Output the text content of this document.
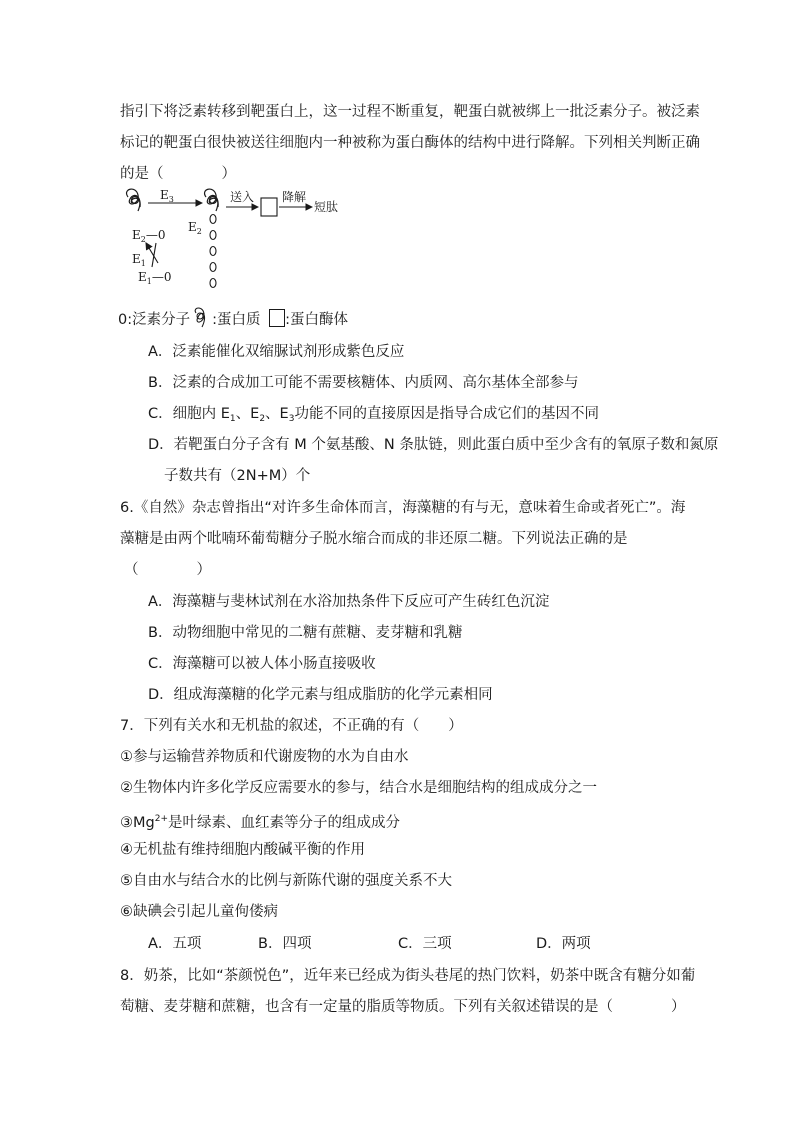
指引下将泛素转移到靶蛋白上，这一过程不断重复，靶蛋白就被绑上一批泛素分子。被泛素
标记的靶蛋白很快被送往细胞内一种被称为蛋白酶体的结构中进行降解。下列相关判断正确
的是（　　　　）
$E_3$
$E_2$
送入 降解
短肽
$E_2—0$
$E_1$
$E_1—0$
0:泛素分子 :蛋白质 :蛋白酶体
A．泛素能催化双缩脲试剂形成紫色反应
B．泛素的合成加工可能不需要核糖体、内质网、高尔基体全部参与
C．细胞内 $E_1$、$E_2$、$E_3$功能不同的直接原因是指导合成它们的基因不同
D．若靶蛋白分子含有 M 个氨基酸、N 条肽链，则此蛋白质中至少含有的氧原子数和氮原
子数共有（2N+M）个
6.《自然》杂志曾指出“对许多生命体而言，海藻糖的有与无，意味着生命或者死亡”。海
藻糖是由两个吡喃环葡萄糖分子脱水缩合而成的非还原二糖。下列说法正确的是
（　　　　）
A．海藻糖与斐林试剂在水浴加热条件下反应可产生砖红色沉淀
B．动物细胞中常见的二糖有蔗糖、麦芽糖和乳糖
C．海藻糖可以被人体小肠直接吸收
D．组成海藻糖的化学元素与组成脂肪的化学元素相同
7．下列有关水和无机盐的叙述，不正确的有（　　）
①参与运输营养物质和代谢废物的水为自由水
②生物体内许多化学反应需要水的参与，结合水是细胞结构的组成成分之一
$③Mg^{2+}$是叶绿素、血红素等分子的组成成分
④无机盐有维持细胞内酸碱平衡的作用
⑤自由水与结合水的比例与新陈代谢的强度关系不大
⑥缺碘会引起儿童佝偻病
A．五项	B．四项	C．三项	D．两项
8．奶茶，比如“茶颜悦色”，近年来已经成为街头巷尾的热门饮料，奶茶中既含有糖分如葡
萄糖、麦芽糖和蔗糖，也含有一定量的脂质等物质。下列有关叙述错误的是（　　　　）
